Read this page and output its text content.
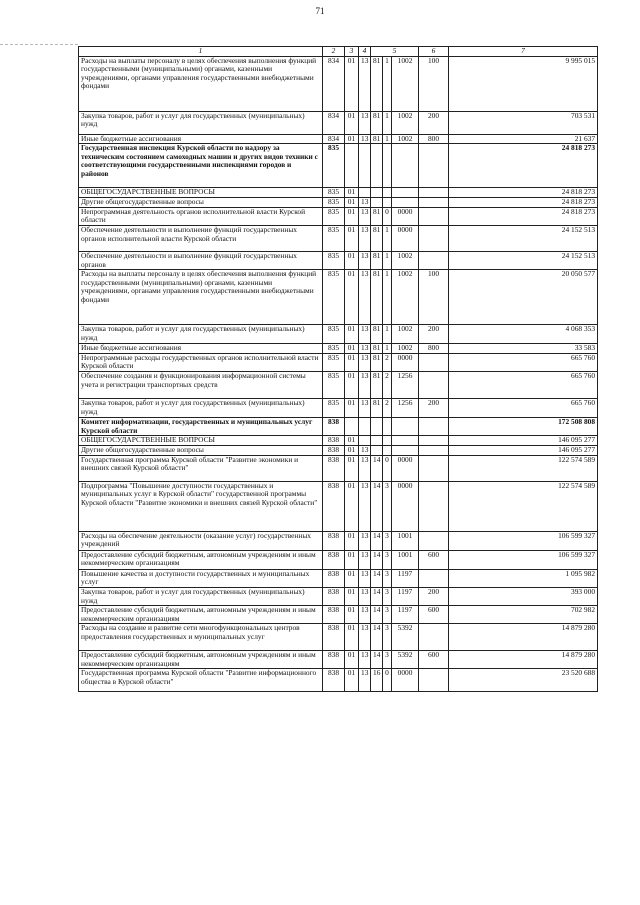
71
1	2	3	4	5			6	7
Расходы на выплаты персоналу в целях обеспечения выполнения функций государственными (муниципальными) органами, казенными учреждениями, органами управления государственными внебюджетными фондами	834	01	13	81	1	1002	100	9 995 015
Закупка товаров, работ и услуг для государственных (муниципальных) нужд	834	01	13	81	1	1002	200	703 531
Иные бюджетные ассигнования	834	01	13	81	1	1002	800	21 637
Государственная инспекция Курской области по надзору за техническим состоянием самоходных машин и других видов техники с соответствующими государственными инспекциями городов и районов	835							24 818 273
ОБЩЕГОСУДАРСТВЕННЫЕ ВОПРОСЫ	835	01						24 818 273
Другие общегосударственные вопросы	835	01	13					24 818 273
Непрограммная деятельность органов исполнительной власти Курской области	835	01	13	81	0	0000		24 818 273
Обеспечение деятельности и выполнение функций государственных органов исполнительной власти Курской области	835	01	13	81	1	0000		24 152 513
Обеспечение деятельности и выполнение функций государственных органов	835	01	13	81	1	1002		24 152 513
Расходы на выплаты персоналу в целях обеспечения выполнения функций государственными (муниципальными) органами, казенными учреждениями, органами управления государственными внебюджетными фондами	835	01	13	81	1	1002	100	20 050 577
Закупка товаров, работ и услуг для государственных (муниципальных) нужд	835	01	13	81	1	1002	200	4 068 353
Иные бюджетные ассигнования	835	01	13	81	1	1002	800	33 583
Непрограммные расходы государственных органов исполнительной власти Курской области	835	01	13	81	2	0000		665 760
Обеспечение создания и функционирования информационной системы учета и регистрации транспортных средств	835	01	13	81	2	1256		665 760
Закупка товаров, работ и услуг для государственных (муниципальных) нужд	835	01	13	81	2	1256	200	665 760
Комитет информатизации, государственных и муниципальных услуг Курской области	838							172 508 808
ОБЩЕГОСУДАРСТВЕННЫЕ ВОПРОСЫ	838	01						146 095 277
Другие общегосударственные вопросы	838	01	13					146 095 277
Государственная программа Курской области "Развитие экономики и внешних связей Курской области"	838	01	13	14	0	0000		122 574 589
Подпрограмма "Повышение доступности государственных и муниципальных услуг в Курской области" государственной программы Курской области "Развитие экономики и внешних связей Курской области"	838	01	13	14	3	0000		122 574 589
Расходы на обеспечение деятельности (оказание услуг) государственных учреждений	838	01	13	14	3	1001		106 599 327
Предоставление субсидий бюджетным, автономным учреждениям и иным некоммерческим организациям	838	01	13	14	3	1001	600	106 599 327
Повышение качества и доступности государственных и муниципальных услуг	838	01	13	14	3	1197		1 095 982
Закупка товаров, работ и услуг для государственных (муниципальных) нужд	838	01	13	14	3	1197	200	393 000
Предоставление субсидий бюджетным, автономным учреждениям и иным некоммерческим организациям	838	01	13	14	3	1197	600	702 982
Расходы на создание и развитие сети многофункциональных центров предоставления государственных и муниципальных услуг	838	01	13	14	3	5392		14 879 280
Предоставление субсидий бюджетным, автономным учреждениям и иным некоммерческим организациям	838	01	13	14	3	5392	600	14 879 280
Государственная программа Курской области "Развитие информационного общества в Курской области"	838	01	13	16	0	0000		23 520 688
